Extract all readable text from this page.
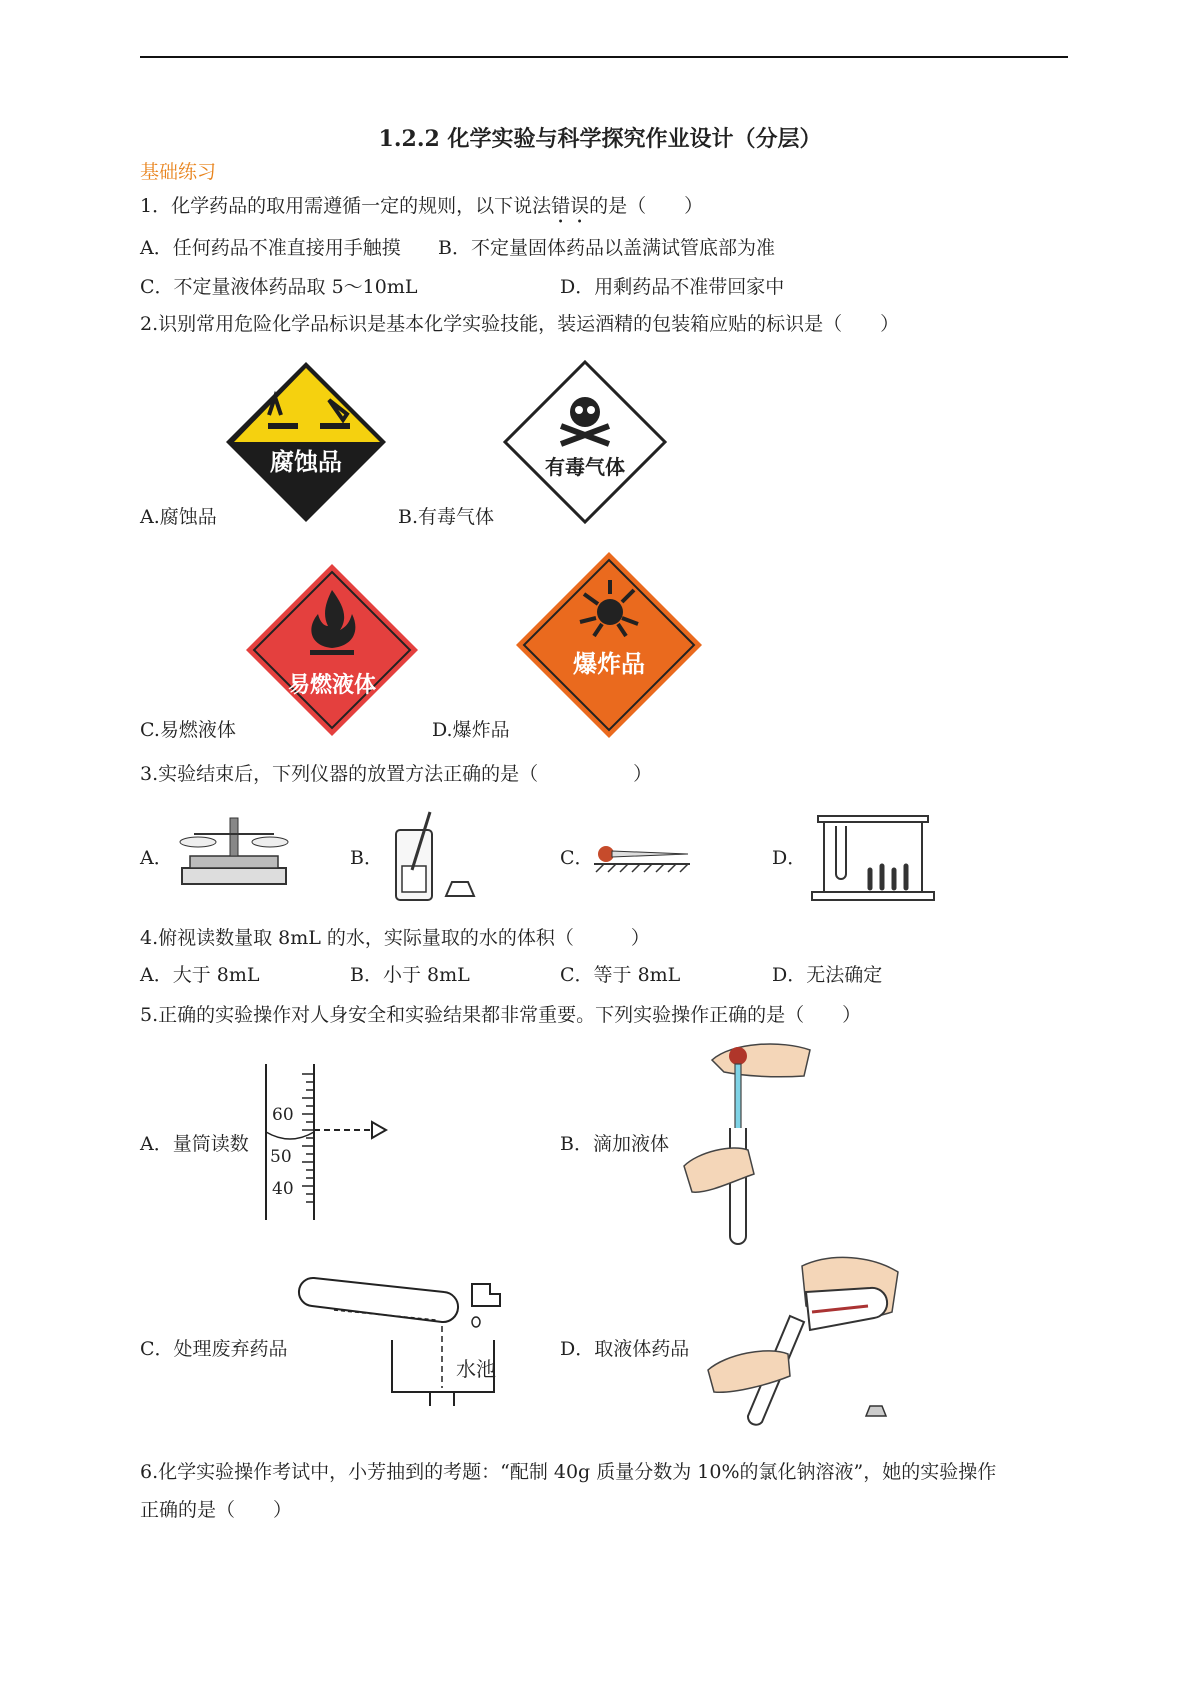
1.2.2 化学实验与科学探究作业设计（分层）
基础练习
1．化学药品的取用需遵循一定的规则，以下说法错误的是（　　）
A．任何药品不准直接用手触摸 B．不定量固体药品以盖满试管底部为准
C．不定量液体药品取 5～10mL	D．用剩药品不准带回家中
2.识别常用危险化学品标识是基本化学实验技能，装运酒精的包装箱应贴的标识是（　　）
腐蚀品	有毒气体
A.腐蚀品	B.有毒气体
易燃液体
爆炸品
C.易燃液体	D.爆炸品
3.实验结束后，下列仪器的放置方法正确的是（　　　　　）
A．	B．	C．	D．
4.俯视读数量取 8mL 的水，实际量取的水的体积（　　　）
A．大于 8mL	B．小于 8mL	C．等于 8mL	D．无法确定
5.正确的实验操作对人身安全和实验结果都非常重要。下列实验操作正确的是（　　）
A．量筒读数
60
50
40
B．滴加液体
C．处理废弃药品
水池
D．取液体药品
6.化学实验操作考试中，小芳抽到的考题：“配制 40g 质量分数为 10%的氯化钠溶液”，她的实验操作
正确的是（　　）
